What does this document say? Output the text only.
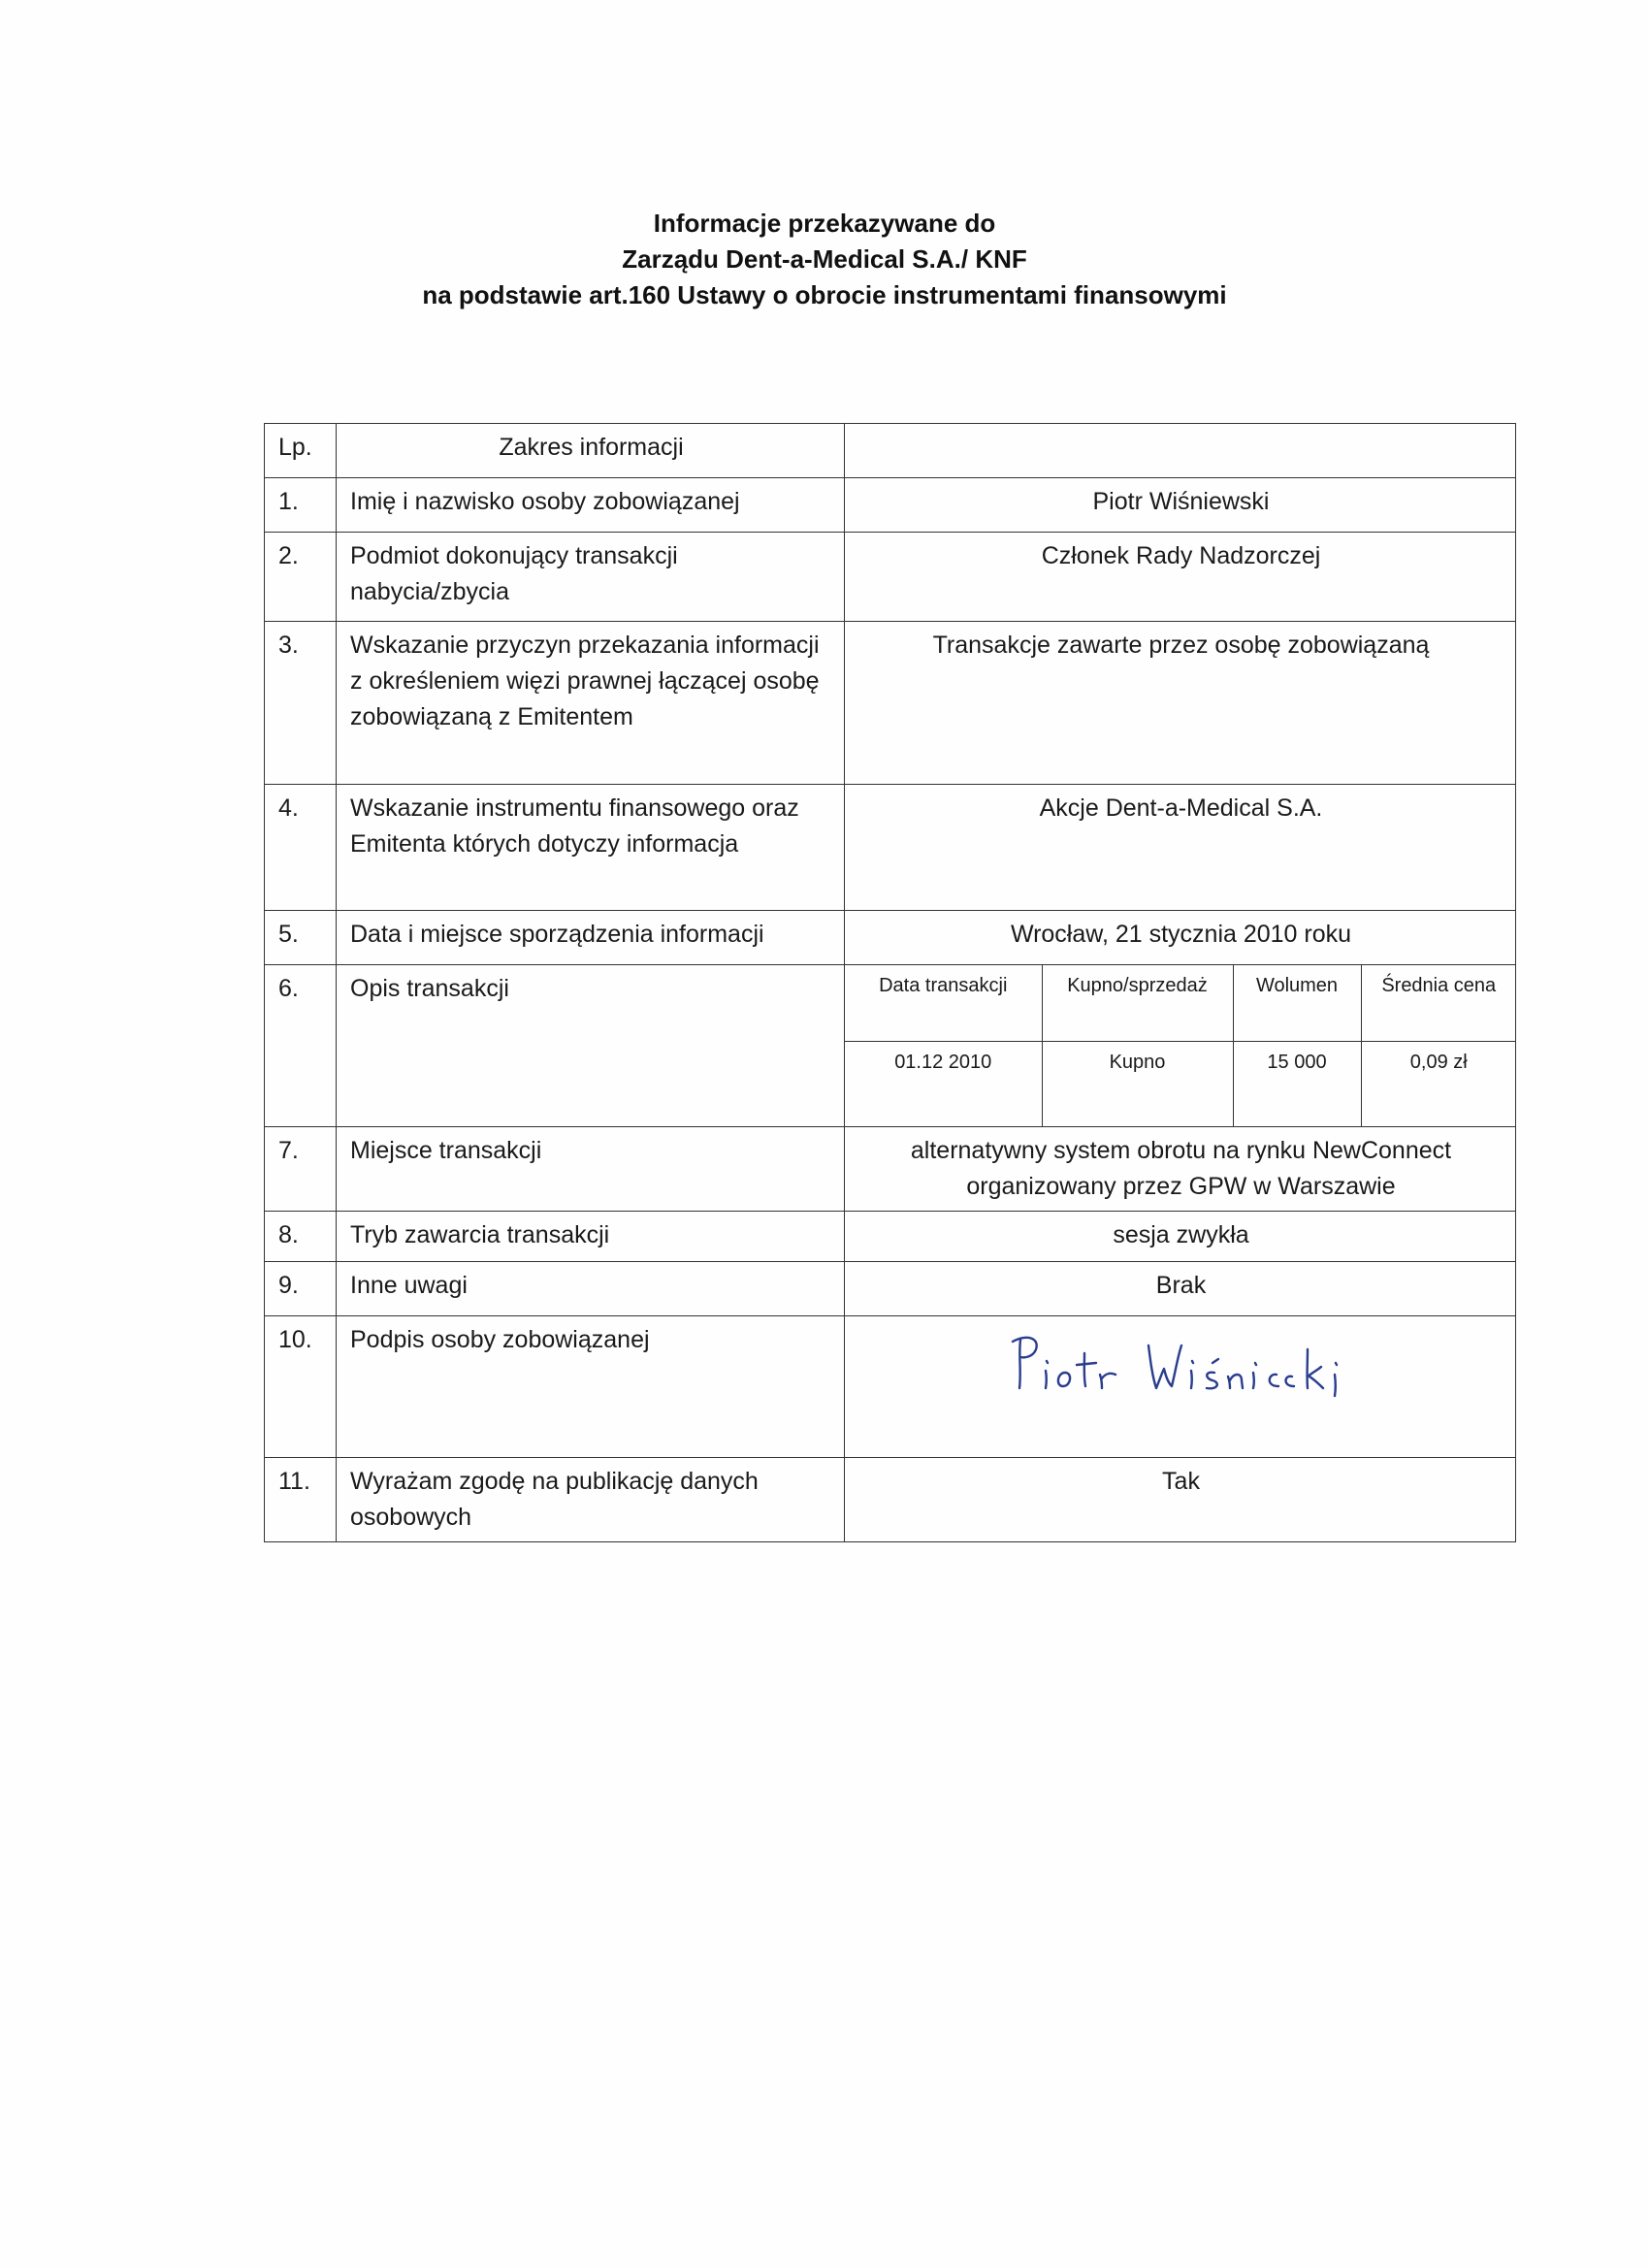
Informacje przekazywane do
Zarządu Dent-a-Medical S.A./ KNF
na podstawie art.160 Ustawy o obrocie instrumentami finansowymi
Lp.	Zakres informacji	
1.	Imię i nazwisko osoby zobowiązanej	Piotr Wiśniewski
2.	Podmiot dokonujący transakcji nabycia/zbycia	Członek Rady Nadzorczej
3.	Wskazanie przyczyn przekazania informacji z określeniem więzi prawnej łączącej osobę zobowiązaną z Emitentem	Transakcje zawarte przez osobę zobowiązaną
4.	Wskazanie instrumentu finansowego oraz Emitenta których dotyczy informacja	Akcje Dent-a-Medical S.A.
5.	Data i miejsce sporządzenia informacji	Wrocław, 21 stycznia 2010 roku
6.	Opis transakcji		Data transakcji	Kupno/sprzedaż	Wolumen	Średnia cena
01.12 2010	Kupno	15 000	0,09 zł

7.	Miejsce transakcji	alternatywny system obrotu na rynku NewConnect organizowany przez GPW w Warszawie
8.	Tryb zawarcia transakcji	sesja zwykła
9.	Inne uwagi	Brak
10.	Podpis osoby zobowiązanej	

11.	Wyrażam zgodę na publikację danych osobowych	Tak
